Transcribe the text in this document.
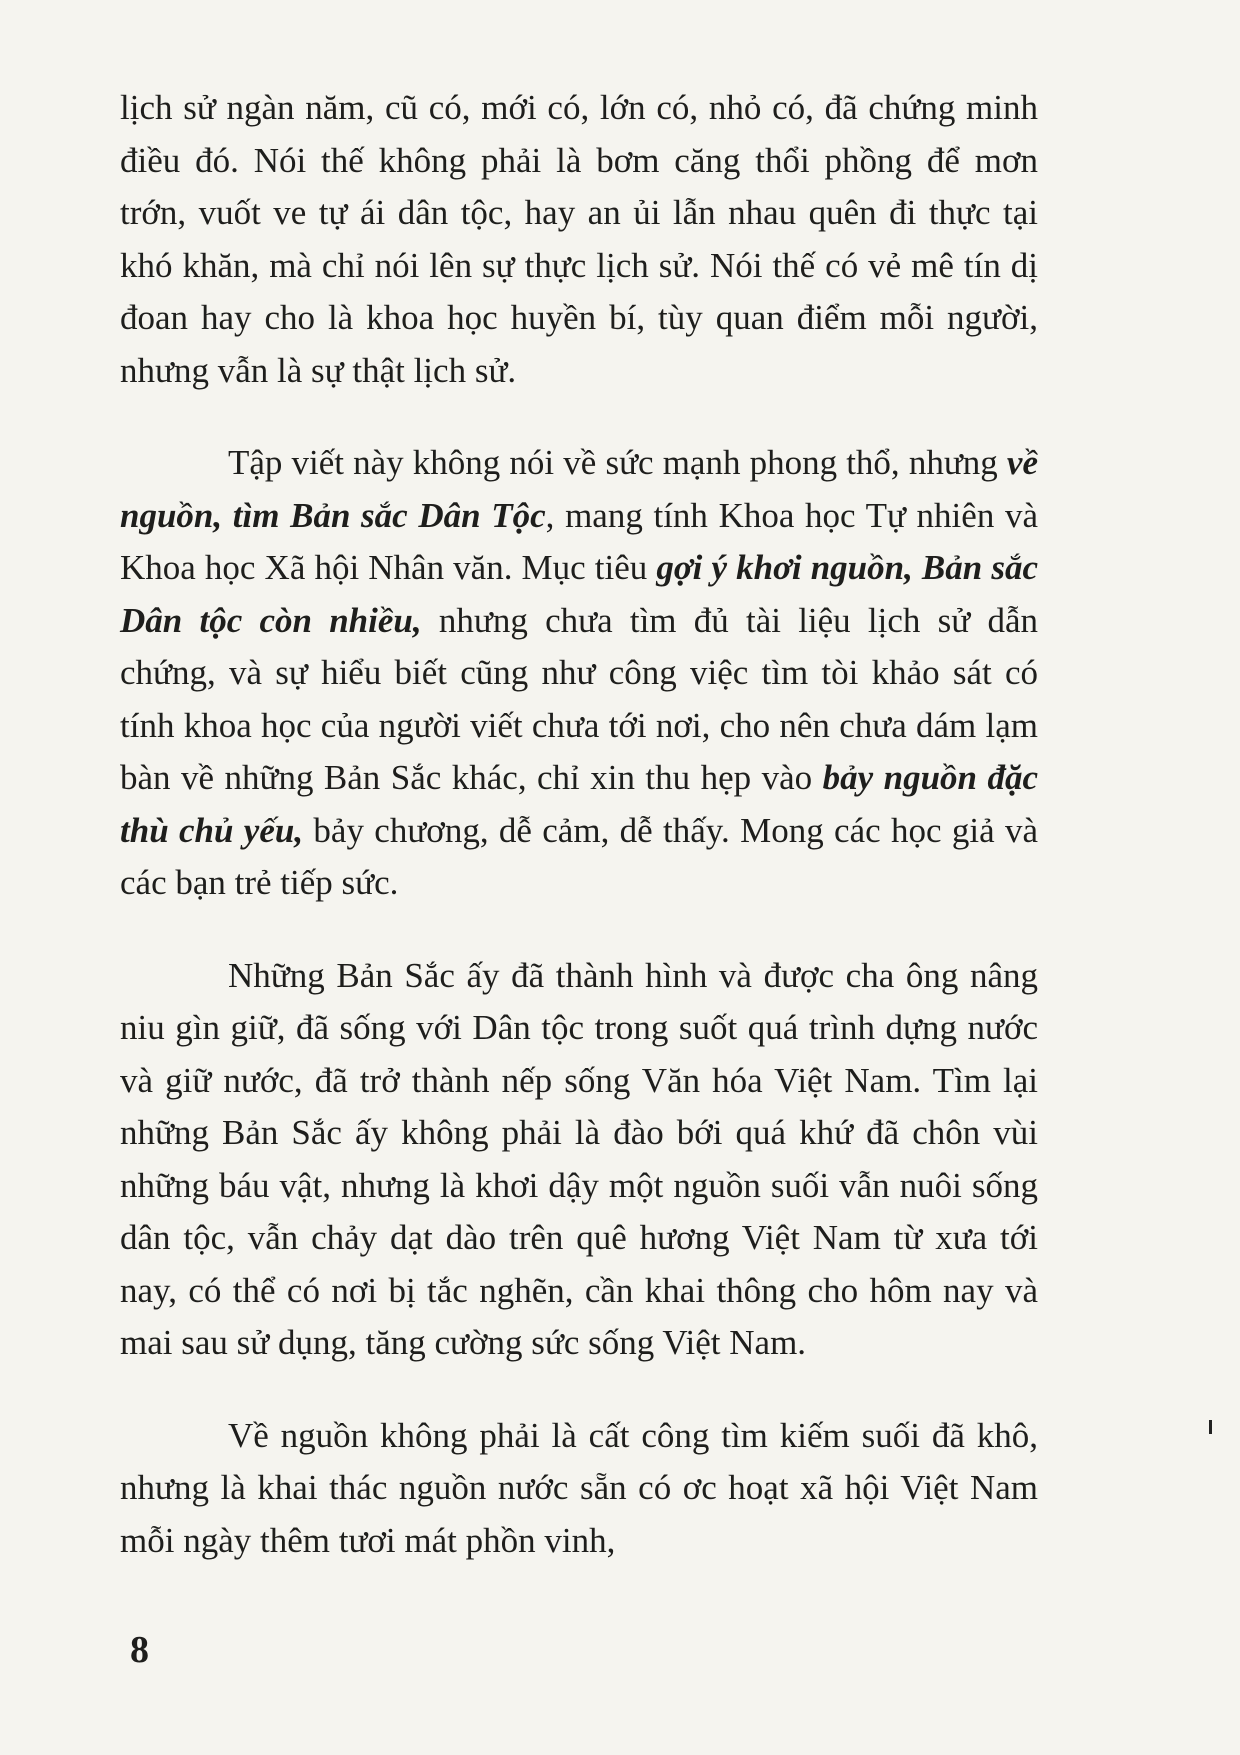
lịch sử ngàn năm, cũ có, mới có, lớn có, nhỏ có, đã chứng minh điều đó. Nói thế không phải là bơm căng thổi phồng để mơn trớn, vuốt ve tự ái dân tộc, hay an ủi lẫn nhau quên đi thực tại khó khăn, mà chỉ nói lên sự thực lịch sử. Nói thế có vẻ mê tín dị đoan hay cho là khoa học huyền bí, tùy quan điểm mỗi người, nhưng vẫn là sự thật lịch sử.

Tập viết này không nói về sức mạnh phong thổ, nhưng về nguồn, tìm Bản sắc Dân Tộc, mang tính Khoa học Tự nhiên và Khoa học Xã hội Nhân văn. Mục tiêu gợi ý khơi nguồn, Bản sắc Dân tộc còn nhiều, nhưng chưa tìm đủ tài liệu lịch sử dẫn chứng, và sự hiểu biết cũng như công việc tìm tòi khảo sát có tính khoa học của người viết chưa tới nơi, cho nên chưa dám lạm bàn về những Bản Sắc khác, chỉ xin thu hẹp vào bảy nguồn đặc thù chủ yếu, bảy chương, dễ cảm, dễ thấy. Mong các học giả và các bạn trẻ tiếp sức.

Những Bản Sắc ấy đã thành hình và được cha ông nâng niu gìn giữ, đã sống với Dân tộc trong suốt quá trình dựng nước và giữ nước, đã trở thành nếp sống Văn hóa Việt Nam. Tìm lại những Bản Sắc ấy không phải là đào bới quá khứ đã chôn vùi những báu vật, nhưng là khơi dậy một nguồn suối vẫn nuôi sống dân tộc, vẫn chảy dạt dào trên quê hương Việt Nam từ xưa tới nay, có thể có nơi bị tắc nghẽn, cần khai thông cho hôm nay và mai sau sử dụng, tăng cường sức sống Việt Nam.

Về nguồn không phải là cất công tìm kiếm suối đã khô, nhưng là khai thác nguồn nước sẵn có ơc hoạt xã hội Việt Nam mỗi ngày thêm tươi mát phồn vinh,

8
